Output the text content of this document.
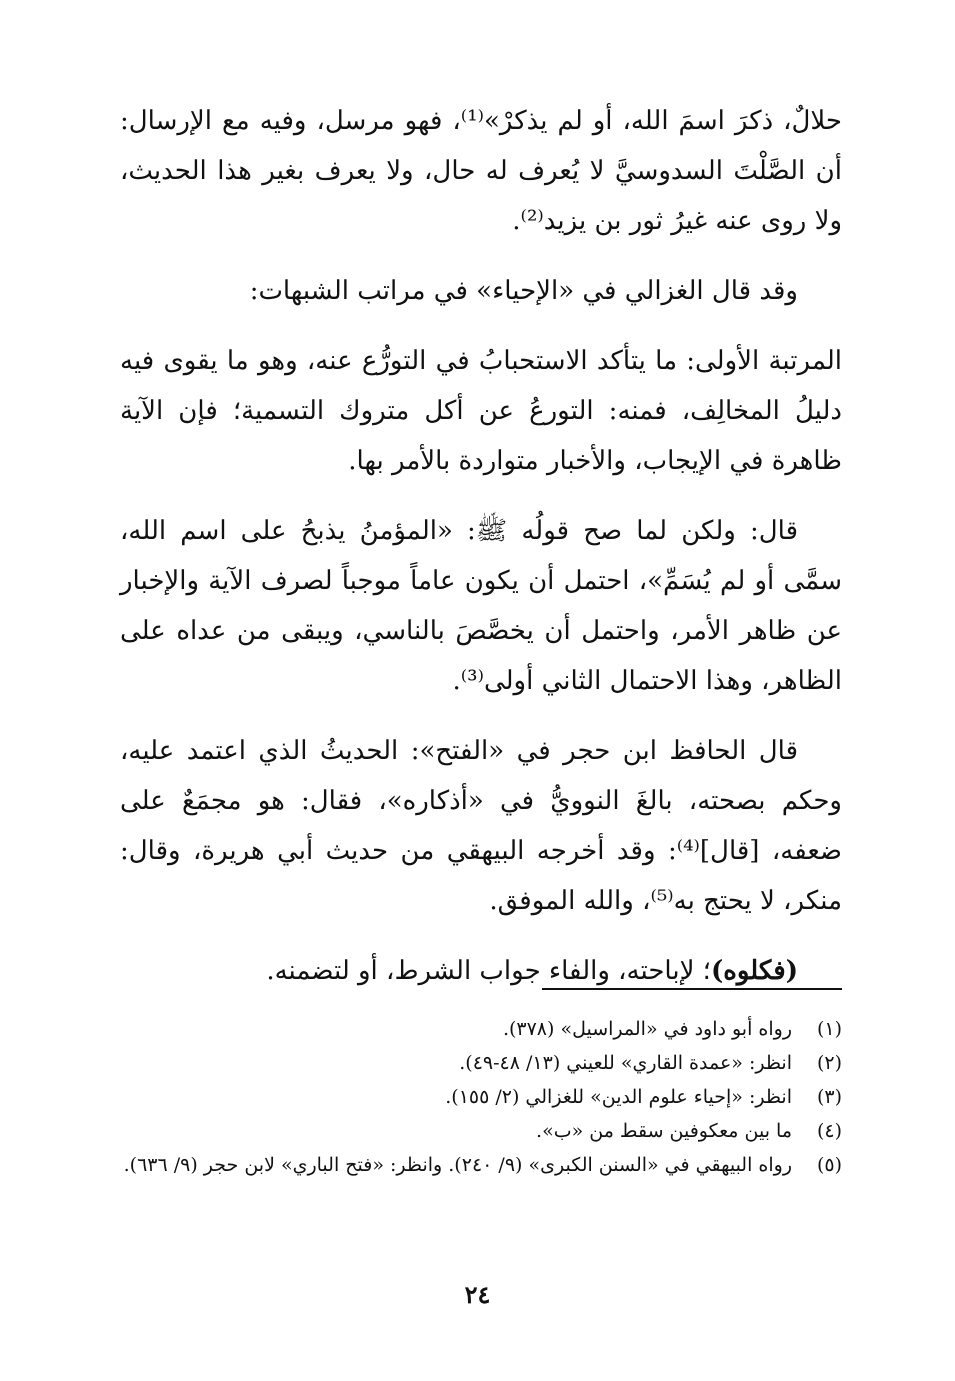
حلالٌ، ذكرَ اسمَ الله، أو لم يذكرْ»⁽¹⁾، فهو مرسل، وفيه مع الإرسال: أن الصَّلْتَ السدوسيَّ لا يُعرف له حال، ولا يعرف بغير هذا الحديث، ولا روى عنه غيرُ ثور بن يزيد⁽²⁾.

وقد قال الغزالي في «الإحياء» في مراتب الشبهات:

المرتبة الأولى: ما يتأكد الاستحبابُ في التورُّع عنه، وهو ما يقوى فيه دليلُ المخالِف، فمنه: التورعُ عن أكل متروك التسمية؛ فإن الآية ظاهرة في الإيجاب، والأخبار متواردة بالأمر بها.

قال: ولكن لما صح قولُه ﷺ: «المؤمنُ يذبحُ على اسم الله، سمَّى أو لم يُسَمِّ»، احتمل أن يكون عاماً موجباً لصرف الآية والإخبار عن ظاهر الأمر، واحتمل أن يخصَّصَ بالناسي، ويبقى من عداه على الظاهر، وهذا الاحتمال الثاني أولى⁽³⁾.

قال الحافظ ابن حجر في «الفتح»: الحديثُ الذي اعتمد عليه، وحكم بصحته، بالغَ النوويُّ في «أذكاره»، فقال: هو مجمَعٌ على ضعفه، [قال]⁽⁴⁾: وقد أخرجه البيهقي من حديث أبي هريرة، وقال: منكر، لا يحتج به⁽⁵⁾، والله الموفق.

(فكلوه)؛ لإباحته، والفاء جواب الشرط، أو لتضمنه.

(١)
رواه أبو داود في «المراسيل» (٣٧٨).
(٢)
انظر: «عمدة القاري» للعيني (١٣/ ٤٨-٤٩).
(٣)
انظر: «إحياء علوم الدين» للغزالي (٢/ ١٥٥).
(٤)
ما بين معكوفين سقط من «ب».
(٥)
رواه البيهقي في «السنن الكبرى» (٩/ ٢٤٠). وانظر: «فتح الباري» لابن حجر (٩/ ٦٣٦).
٢٤
